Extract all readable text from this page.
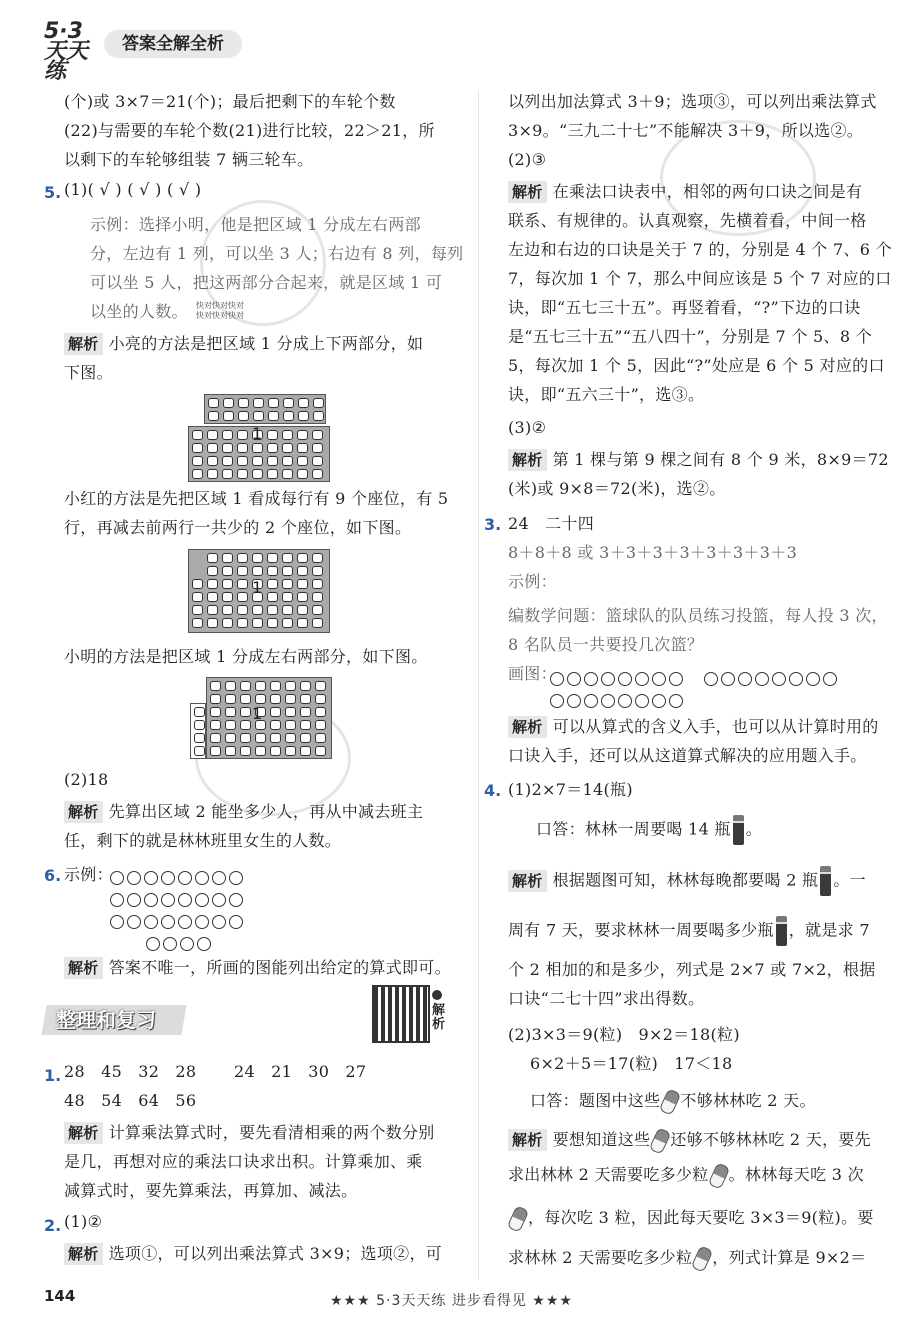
5·3天天练
答案全解全析
(个)或 3×7＝21(个)；最后把剩下的车轮个数
(22)与需要的车轮个数(21)进行比较，22＞21，所
以剩下的车轮够组装 7 辆三轮车。
5. (1)( √ ) ( √ ) ( √ )
示例：选择小明，他是把区域 1 分成左右两部
分，左边有 1 列，可以坐 3 人；右边有 8 列，每列
可以坐 5 人，把这两部分合起来，就是区域 1 可
以坐的人数。 快对快对快对
快对快对快对
解析 小亮的方法是把区域 1 分成上下两部分，如
下图。
1
小红的方法是先把区域 1 看成每行有 9 个座位，有 5
行，再减去前两行一共少的 2 个座位，如下图。
1
小明的方法是把区域 1 分成左右两部分，如下图。
1
(2)18
解析 先算出区域 2 能坐多少人，再从中减去班主
任，剩下的就是林林班里女生的人数。
6. 示例：
解析 答案不唯一，所画的图能列出给定的算式即可。
整理和复习	解析
1. 28   45   32   28       24   21   30   27
48   54   64   56
解析 计算乘法算式时，要先看清相乘的两个数分别
是几，再想对应的乘法口诀求出积。计算乘加、乘
减算式时，要先算乘法，再算加、减法。
2. (1)②
解析 选项①，可以列出乘法算式 3×9；选项②，可
以列出加法算式 3＋9；选项③，可以列出乘法算式
3×9。“三九二十七”不能解决 3＋9，所以选②。
(2)③
解析 在乘法口诀表中，相邻的两句口诀之间是有
联系、有规律的。认真观察，先横着看，中间一格
左边和右边的口诀是关于 7 的，分别是 4 个 7、6 个
7，每次加 1 个 7，那么中间应该是 5 个 7 对应的口
诀，即“五七三十五”。再竖着看，“?”下边的口诀
是“五七三十五”“五八四十”，分别是 7 个 5、8 个
5，每次加 1 个 5，因此“?”处应是 6 个 5 对应的口
诀，即“五六三十”，选③。
(3)②
解析 第 1 棵与第 9 棵之间有 8 个 9 米，8×9＝72
(米)或 9×8＝72(米)，选②。
3. 24   二十四
8＋8＋8 或 3＋3＋3＋3＋3＋3＋3＋3
示例：
编数学问题：篮球队的队员练习投篮，每人投 3 次，
8 名队员一共要投几次篮？
画图：
解析 可以从算式的含义入手，也可以从计算时用的
口诀入手，还可以从这道算式解决的应用题入手。
4. (1)2×7＝14(瓶)
口答：林林一周要喝 14 瓶 。
解析 根据题图可知，林林每晚都要喝 2 瓶 。一
周有 7 天，要求林林一周要喝多少瓶 ，就是求 7
个 2 相加的和是多少，列式是 2×7 或 7×2，根据
口诀“二七十四”求出得数。
(2)3×3＝9(粒)   9×2＝18(粒)
6×2＋5＝17(粒)   17＜18
口答：题图中这些 不够林林吃 2 天。
解析 要想知道这些 还够不够林林吃 2 天，要先
求出林林 2 天需要吃多少粒 。林林每天吃 3 次
，每次吃 3 粒，因此每天要吃 3×3＝9(粒)。要
求林林 2 天需要吃多少粒 ，列式计算是 9×2＝
144	★★★ 5·3天天练 进步看得见 ★★★
